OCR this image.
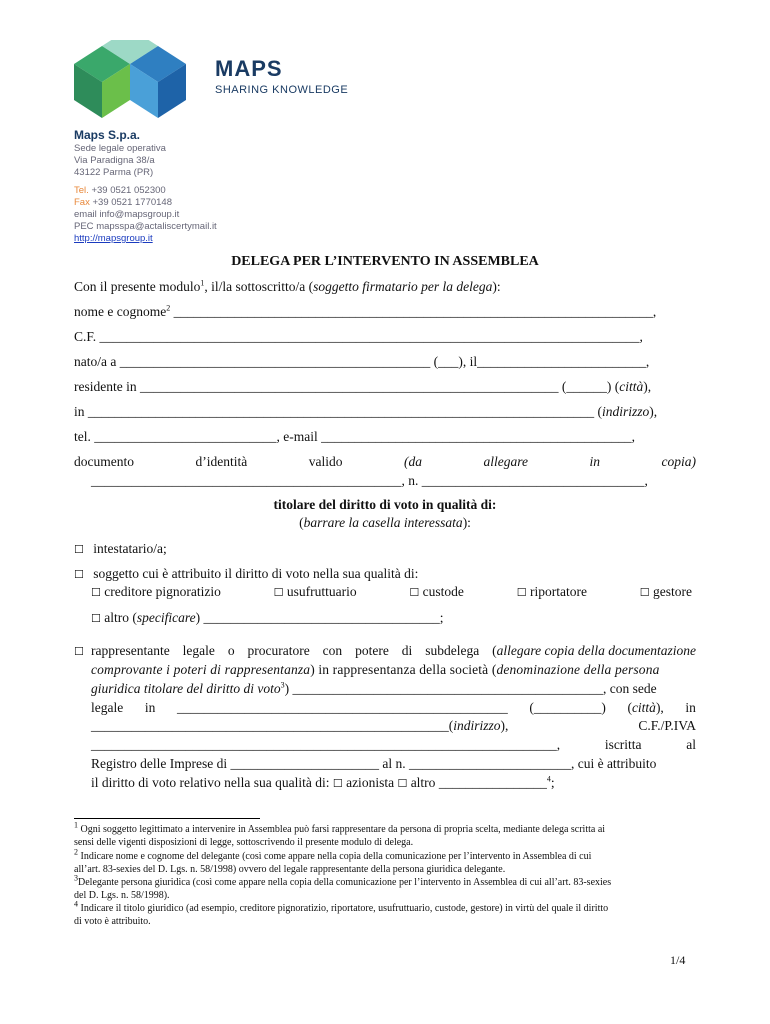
MAPS
SHARING KNOWLEDGE
Maps S.p.a.
Sede legale operativa
Via Paradigna 38/a
43122 Parma (PR)
Tel. +39 0521 052300
Fax +39 0521 1770148
email info@mapsgroup.it
PEC mapsspa@actaliscertymail.it
http://mapsgroup.it
DELEGA PER L’INTERVENTO IN ASSEMBLEA
Con il presente modulo$^1$, il/la sottoscritto/a (soggetto firmatario per la delega):
nome e cognome$^2$ _______________________________________________________________________,
C.F. ________________________________________________________________________________,
nato/a a ______________________________________________ (___), il_________________________,
residente in ______________________________________________________________ (______) (città),
in ___________________________________________________________________________ (indirizzo),
tel. ___________________________, e-mail ______________________________________________,
documento	d’identità	valido	(da	allegare	in	copia)
______________________________________________, n. _________________________________,
titolare del diritto di voto in qualità di:
(barrare la casella interessata):
☐ intestatario/a;
☐ soggetto cui è attribuito il diritto di voto nella sua qualità di:
☐ creditore pignoratizio	☐ usufruttuario	☐ custode	☐ riportatore	☐ gestore
☐ altro (specificare) ___________________________________;
☐ rappresentante legale o procuratore con potere di subdelega (allegare copia della documentazione
comprovante i poteri di rappresentanza) in rappresentanza della società (denominazione della persona
giuridica titolare del diritto di voto$^3$) ______________________________________________, con sede
legale in _________________________________________________ (__________) (città), in
_____________________________________________________(indirizzo),	C.F./P.IVA
_____________________________________________________________________,	iscritta	al
Registro delle Imprese di ______________________ al n. ________________________, cui è attribuito
il diritto di voto relativo nella sua qualità di: ☐ azionista ☐ altro ________________$^4$;
$^1$ Ogni soggetto legittimato a intervenire in Assemblea può farsi rappresentare da persona di propria scelta, mediante delega scritta ai
sensi delle vigenti disposizioni di legge, sottoscrivendo il presente modulo di delega.
$^2$ Indicare nome e cognome del delegante (così come appare nella copia della comunicazione per l’intervento in Assemblea di cui
all’art. 83-sexies del D. Lgs. n. 58/1998) ovvero del legale rappresentante della persona giuridica delegante.
$^3$Delegante persona giuridica (così come appare nella copia della comunicazione per l’intervento in Assemblea di cui all’art. 83-sexies
del D. Lgs. n. 58/1998).
$^4$ Indicare il titolo giuridico (ad esempio, creditore pignoratizio, riportatore, usufruttuario, custode, gestore) in virtù del quale il diritto
di voto è attribuito.
1/4
